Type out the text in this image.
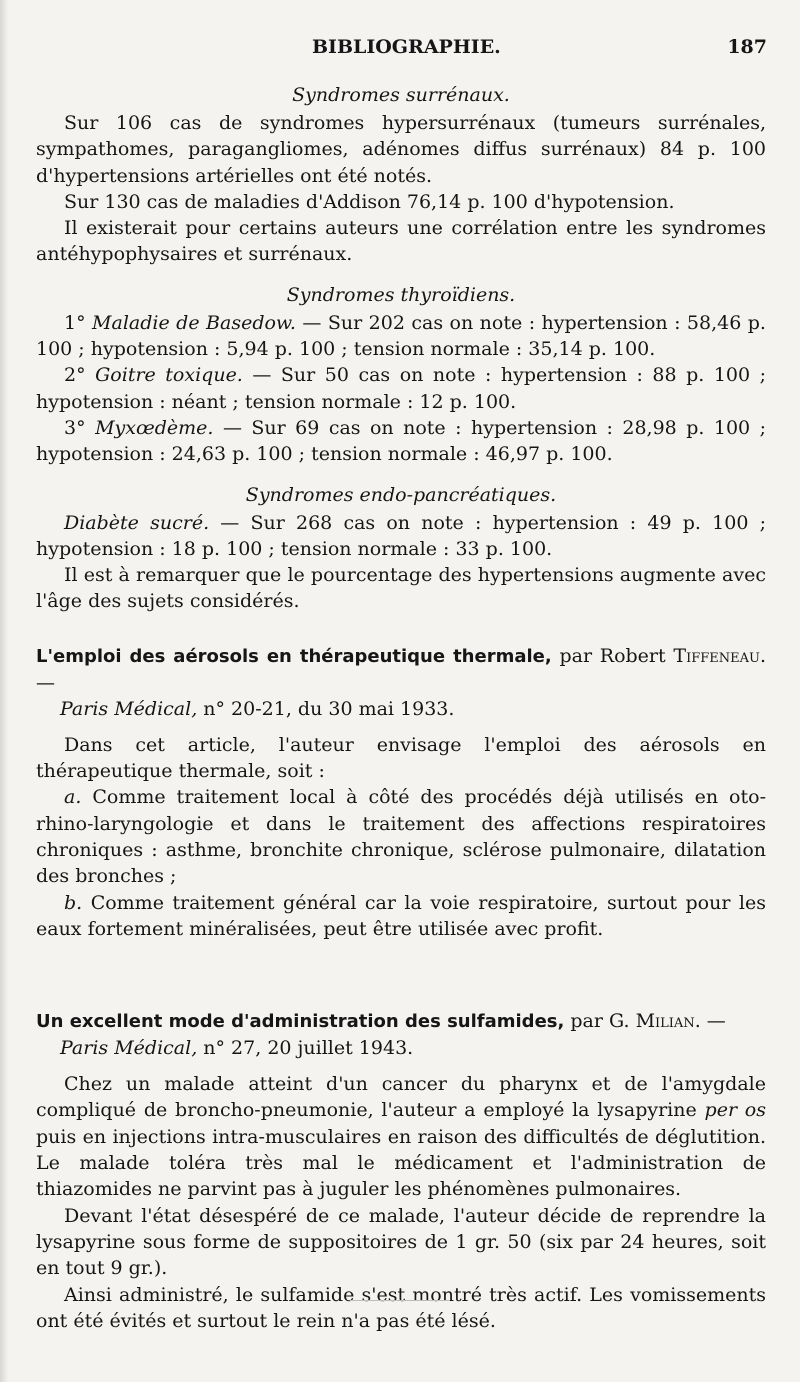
BIBLIOGRAPHIE.	187

Syndromes surrénaux.

Sur 106 cas de syndromes hypersurrénaux (tumeurs surrénales, sympathomes, paragangliomes, adénomes diffus surrénaux) 84 p. 100 d'hypertensions artérielles ont été notés.

Sur 130 cas de maladies d'Addison 76,14 p. 100 d'hypotension.

Il existerait pour certains auteurs une corrélation entre les syndromes antéhypophysaires et surrénaux.

Syndromes thyroïdiens.

1° Maladie de Basedow. — Sur 202 cas on note : hypertension : 58,46 p. 100 ; hypotension : 5,94 p. 100 ; tension normale : 35,14 p. 100.

2° Goitre toxique. — Sur 50 cas on note : hypertension : 88 p. 100 ; hypotension : néant ; tension normale : 12 p. 100.

3° Myxœdème. — Sur 69 cas on note : hypertension : 28,98 p. 100 ; hypotension : 24,63 p. 100 ; tension normale : 46,97 p. 100.

Syndromes endo-pancréatiques.

Diabète sucré. — Sur 268 cas on note : hypertension : 49 p. 100 ; hypotension : 18 p. 100 ; tension normale : 33 p. 100.

Il est à remarquer que le pourcentage des hypertensions augmente avec l'âge des sujets considérés.

L'emploi des aérosols en thérapeutique thermale, par Robert Tiffeneau. —
Paris Médical, n° 20-21, du 30 mai 1933.

Dans cet article, l'auteur envisage l'emploi des aérosols en thérapeutique thermale, soit :

a. Comme traitement local à côté des procédés déjà utilisés en oto-rhino-laryngologie et dans le traitement des affections respiratoires chroniques : asthme, bronchite chronique, sclérose pulmonaire, dilatation des bronches ;

b. Comme traitement général car la voie respiratoire, surtout pour les eaux fortement minéralisées, peut être utilisée avec profit.

Un excellent mode d'administration des sulfamides, par G. Milian. —
Paris Médical, n° 27, 20 juillet 1943.

Chez un malade atteint d'un cancer du pharynx et de l'amygdale compliqué de broncho-pneumonie, l'auteur a employé la lysapyrine per os puis en injections intra-musculaires en raison des difficultés de déglutition. Le malade toléra très mal le médicament et l'administration de thiazomides ne parvint pas à juguler les phénomènes pulmonaires.

Devant l'état désespéré de ce malade, l'auteur décide de reprendre la lysapyrine sous forme de suppositoires de 1 gr. 50 (six par 24 heures, soit en tout 9 gr.).

Ainsi administré, le sulfamide s'est montré très actif. Les vomissements ont été évités et surtout le rein n'a pas été lésé.
